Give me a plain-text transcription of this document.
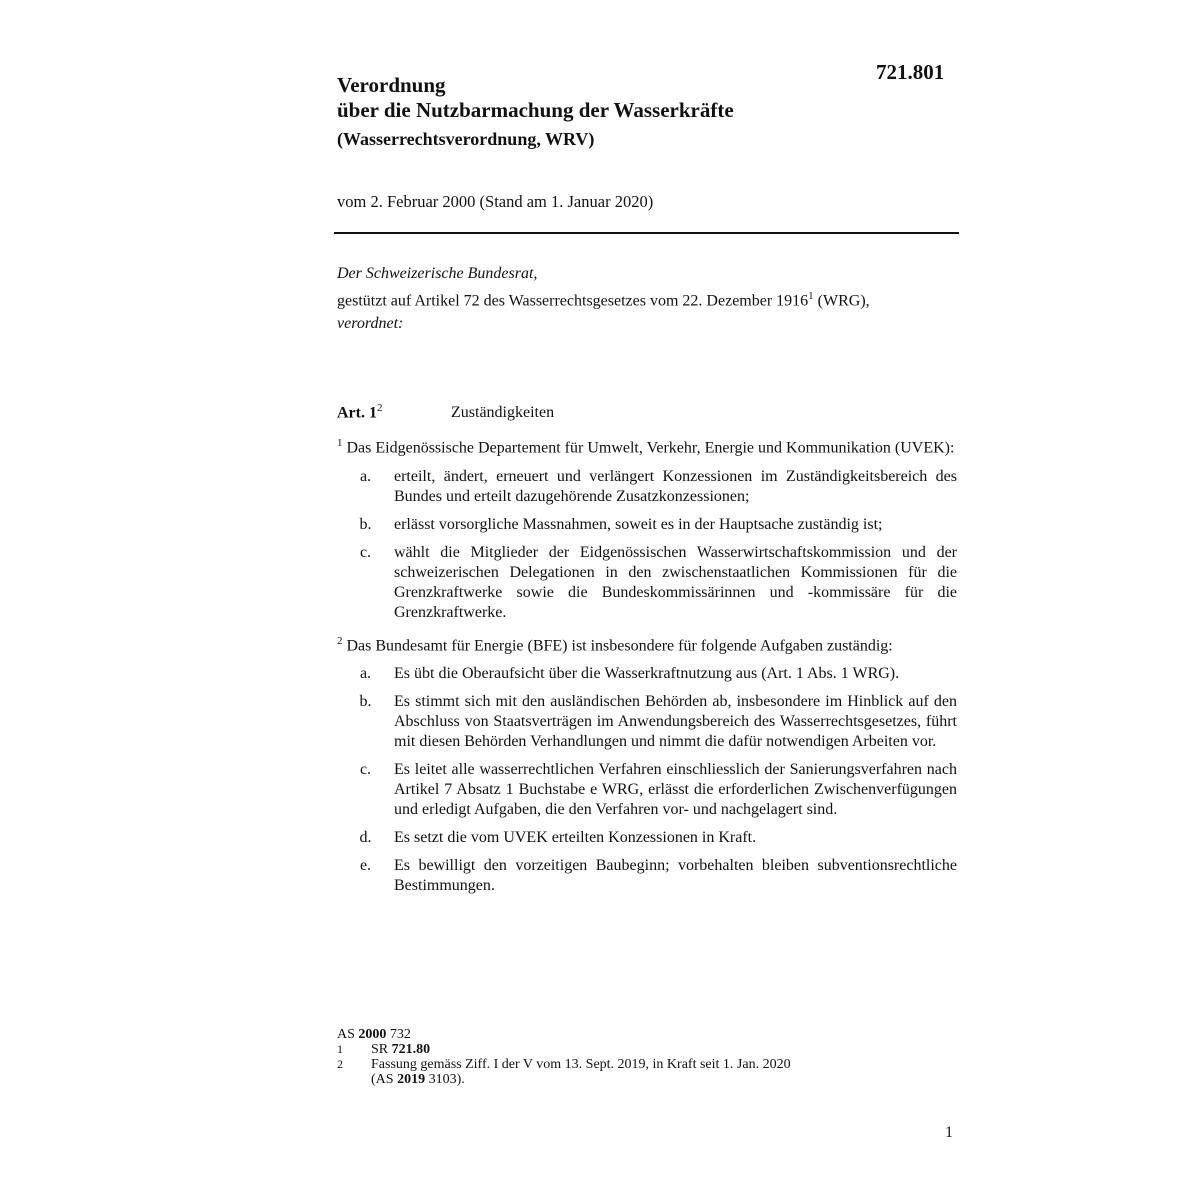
721.801
Verordnung
über die Nutzbarmachung der Wasserkräfte
(Wasserrechtsverordnung, WRV)
vom 2. Februar 2000 (Stand am 1. Januar 2020)
Der Schweizerische Bundesrat,
gestützt auf Artikel 72 des Wasserrechtsgesetzes vom 22. Dezember 1916$^1$ (WRG),
verordnet:
Art. $1^2$	Zuständigkeiten
$^1$ Das Eidgenössische Departement für Umwelt, Verkehr, Energie und Kommunikation (UVEK):
a.	erteilt, ändert, erneuert und verlängert Konzessionen im Zuständigkeitsbereich des Bundes und erteilt dazugehörende Zusatzkonzessionen;
b.	erlässt vorsorgliche Massnahmen, soweit es in der Hauptsache zuständig ist;
c.	wählt die Mitglieder der Eidgenössischen Wasserwirtschaftskommission und der schweizerischen Delegationen in den zwischenstaatlichen Kommissionen für die Grenzkraftwerke sowie die Bundeskommissärinnen und -kommissäre für die Grenzkraftwerke.
$^2$ Das Bundesamt für Energie (BFE) ist insbesondere für folgende Aufgaben zuständig:
a.	Es übt die Oberaufsicht über die Wasserkraftnutzung aus (Art. 1 Abs. 1 WRG).
b.	Es stimmt sich mit den ausländischen Behörden ab, insbesondere im Hinblick auf den Abschluss von Staatsverträgen im Anwendungsbereich des Wasserrechtsgesetzes, führt mit diesen Behörden Verhandlungen und nimmt die dafür notwendigen Arbeiten vor.
c.	Es leitet alle wasserrechtlichen Verfahren einschliesslich der Sanierungsverfahren nach Artikel 7 Absatz 1 Buchstabe e WRG, erlässt die erforderlichen Zwischenverfügungen und erledigt Aufgaben, die den Verfahren vor- und nachgelagert sind.
d.	Es setzt die vom UVEK erteilten Konzessionen in Kraft.
e.	Es bewilligt den vorzeitigen Baubeginn; vorbehalten bleiben subventionsrechtliche Bestimmungen.
AS 2000 732
1	SR 721.80
2	Fassung gemäss Ziff. I der V vom 13. Sept. 2019, in Kraft seit 1. Jan. 2020
(AS 2019 3103).
1
